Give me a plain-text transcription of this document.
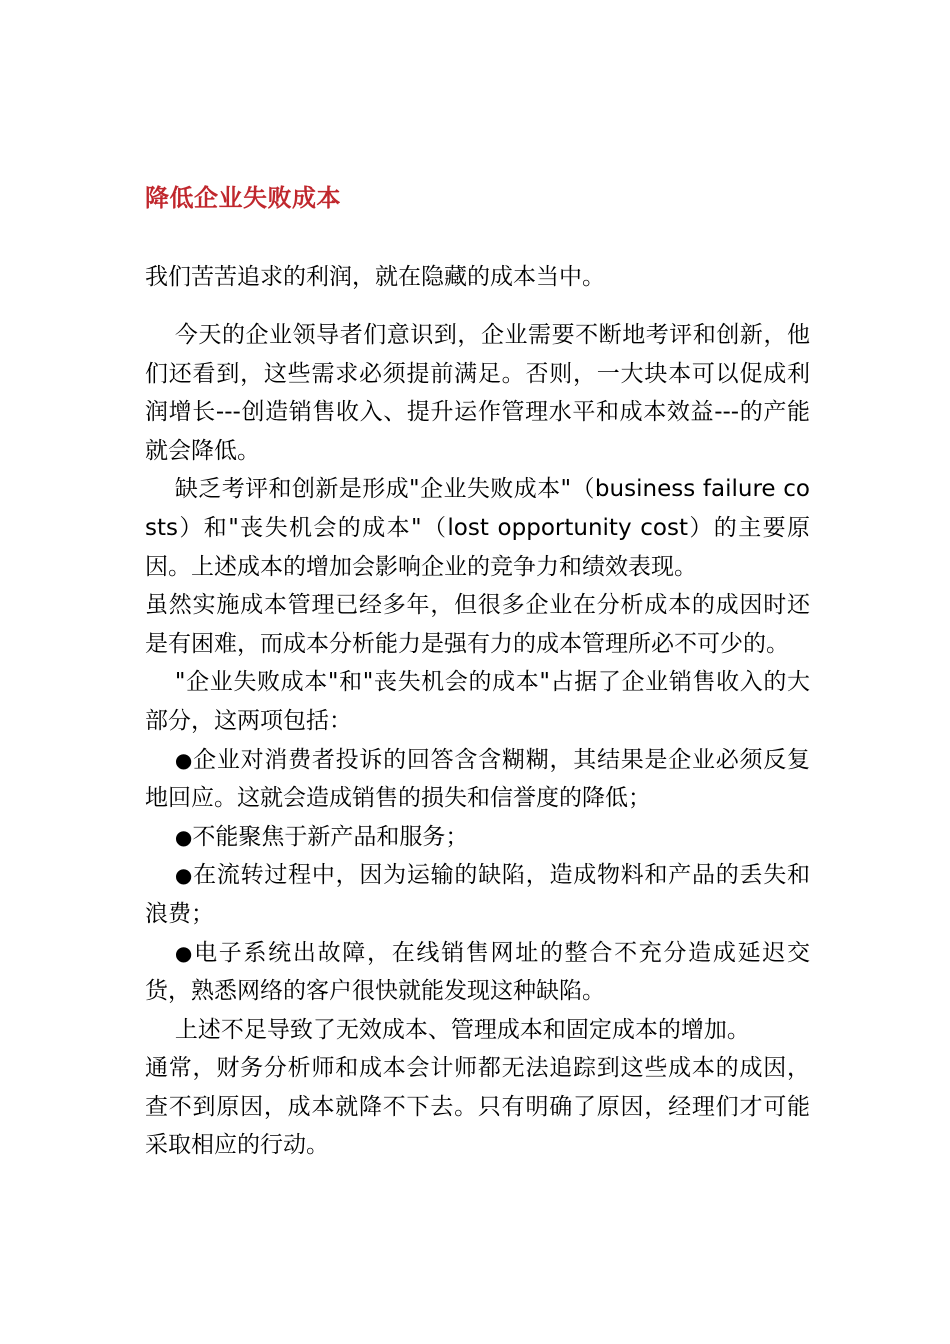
降低企业失败成本

我们苦苦追求的利润，就在隐藏的成本当中。

今天的企业领导者们意识到，企业需要不断地考评和创新，他们还看到，这些需求必须提前满足。否则，一大块本可以促成利润增长---创造销售收入、提升运作管理水平和成本效益---的产能就会降低。

缺乏考评和创新是形成"企业失败成本"（business failure costs）和"丧失机会的成本"（lost opportunity cost）的主要原因。上述成本的增加会影响企业的竞争力和绩效表现。

虽然实施成本管理已经多年，但很多企业在分析成本的成因时还是有困难，而成本分析能力是强有力的成本管理所必不可少的。

"企业失败成本"和"丧失机会的成本"占据了企业销售收入的大部分，这两项包括：

●企业对消费者投诉的回答含含糊糊，其结果是企业必须反复地回应。这就会造成销售的损失和信誉度的降低；

●不能聚焦于新产品和服务；

●在流转过程中，因为运输的缺陷，造成物料和产品的丢失和浪费；

●电子系统出故障，在线销售网址的整合不充分造成延迟交货，熟悉网络的客户很快就能发现这种缺陷。

上述不足导致了无效成本、管理成本和固定成本的增加。

通常，财务分析师和成本会计师都无法追踪到这些成本的成因，查不到原因，成本就降不下去。只有明确了原因，经理们才可能采取相应的行动。
